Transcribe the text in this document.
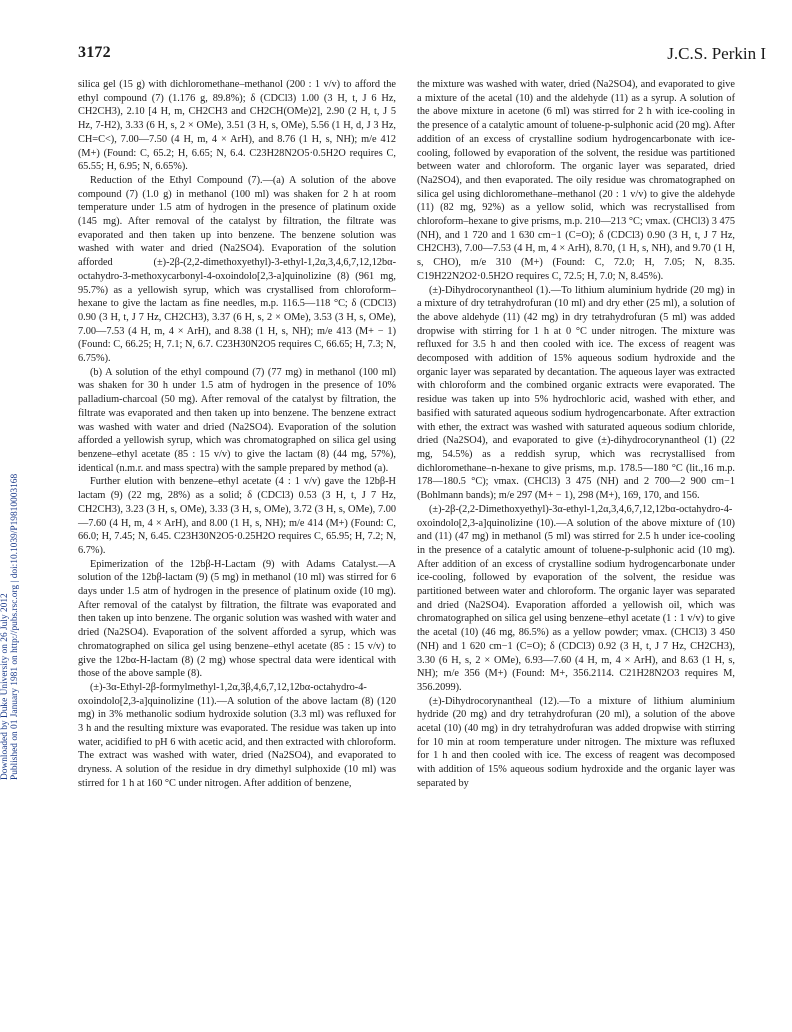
3172	J.C.S. Perkin I
Downloaded by Duke University on 26 July 2012 Published on 01 January 1981 on http://pubs.rsc.org | doi:10.1039/P19810003168

silica gel (15 g) with dichloromethane–methanol (200 : 1 v/v) to afford the ethyl compound (7) (1.176 g, 89.8%); δ (CDCl3) 1.00 (3 H, t, J 6 Hz, CH2CH3), 2.10 [4 H, m, CH2CH3 and CH2CH(OMe)2], 2.90 (2 H, t, J 5 Hz, 7-H2), 3.33 (6 H, s, 2 × OMe), 3.51 (3 H, s, OMe), 5.56 (1 H, d, J 3 Hz, CH=C<), 7.00—7.50 (4 H, m, 4 × ArH), and 8.76 (1 H, s, NH); m/e 412 (M+) (Found: C, 65.2; H, 6.65; N, 6.4. C23H28N2O5·0.5H2O requires C, 65.55; H, 6.95; N, 6.65%).

Reduction of the Ethyl Compound (7).—(a) A solution of the above compound (7) (1.0 g) in methanol (100 ml) was shaken for 2 h at room temperature under 1.5 atm of hydrogen in the presence of platinum oxide (145 mg). After removal of the catalyst by filtration, the filtrate was evaporated and then taken up into benzene. The benzene solution was washed with water and dried (Na2SO4). Evaporation of the solution afforded (±)-2β-(2,2-dimethoxyethyl)-3-ethyl-1,2α,3,4,6,7,12,12bα-octahydro-3-methoxycarbonyl-4-oxoindolo[2,3-a]quinolizine (8) (961 mg, 95.7%) as a yellowish syrup, which was crystallised from chloroform–hexane to give the lactam as fine needles, m.p. 116.5—118 °C; δ (CDCl3) 0.90 (3 H, t, J 7 Hz, CH2CH3), 3.37 (6 H, s, 2 × OMe), 3.53 (3 H, s, OMe), 7.00—7.53 (4 H, m, 4 × ArH), and 8.38 (1 H, s, NH); m/e 413 (M+ − 1) (Found: C, 66.25; H, 7.1; N, 6.7. C23H30N2O5 requires C, 66.65; H, 7.3; N, 6.75%).

(b) A solution of the ethyl compound (7) (77 mg) in methanol (100 ml) was shaken for 30 h under 1.5 atm of hydrogen in the presence of 10% palladium-charcoal (50 mg). After removal of the catalyst by filtration, the filtrate was evaporated and then taken up into benzene. The benzene extract was washed with water and dried (Na2SO4). Evaporation of the solution afforded a yellowish syrup, which was chromatographed on silica gel using benzene–ethyl acetate (85 : 15 v/v) to give the lactam (8) (44 mg, 57%), identical (n.m.r. and mass spectra) with the sample prepared by method (a).

Further elution with benzene–ethyl acetate (4 : 1 v/v) gave the 12bβ-H lactam (9) (22 mg, 28%) as a solid; δ (CDCl3) 0.53 (3 H, t, J 7 Hz, CH2CH3), 3.23 (3 H, s, OMe), 3.33 (3 H, s, OMe), 3.72 (3 H, s, OMe), 7.00—7.60 (4 H, m, 4 × ArH), and 8.00 (1 H, s, NH); m/e 414 (M+) (Found: C, 66.0; H, 7.45; N, 6.45. C23H30N2O5·0.25H2O requires C, 65.95; H, 7.2; N, 6.7%).

Epimerization of the 12bβ-H-Lactam (9) with Adams Catalyst.—A solution of the 12bβ-lactam (9) (5 mg) in methanol (10 ml) was stirred for 6 days under 1.5 atm of hydrogen in the presence of platinum oxide (10 mg). After removal of the catalyst by filtration, the filtrate was evaporated and then taken up into benzene. The organic solution was washed with water and dried (Na2SO4). Evaporation of the solvent afforded a syrup, which was chromatographed on silica gel using benzene–ethyl acetate (85 : 15 v/v) to give the 12bα-H-lactam (8) (2 mg) whose spectral data were identical with those of the above sample (8).

(±)-3α-Ethyl-2β-formylmethyl-1,2α,3β,4,6,7,12,12bα-octahydro-4-oxoindolo[2,3-a]quinolizine (11).—A solution of the above lactam (8) (120 mg) in 3% methanolic sodium hydroxide solution (3.3 ml) was refluxed for 3 h and the resulting mixture was evaporated. The residue was taken up into water, acidified to pH 6 with acetic acid, and then extracted with chloroform. The extract was washed with water, dried (Na2SO4), and evaporated to dryness. A solution of the residue in dry dimethyl sulphoxide (10 ml) was stirred for 1 h at 160 °C under nitrogen. After addition of benzene,

the mixture was washed with water, dried (Na2SO4), and evaporated to give a mixture of the acetal (10) and the aldehyde (11) as a syrup. A solution of the above mixture in acetone (6 ml) was stirred for 2 h with ice-cooling in the presence of a catalytic amount of toluene-p-sulphonic acid (20 mg). After addition of an excess of crystalline sodium hydrogencarbonate with ice-cooling, followed by evaporation of the solvent, the residue was partitioned between water and chloroform. The organic layer was separated, dried (Na2SO4), and then evaporated. The oily residue was chromatographed on silica gel using dichloromethane–methanol (20 : 1 v/v) to give the aldehyde (11) (82 mg, 92%) as a yellow solid, which was recrystallised from chloroform–hexane to give prisms, m.p. 210—213 °C; νmax. (CHCl3) 3 475 (NH), and 1 720 and 1 630 cm−1 (C=O); δ (CDCl3) 0.90 (3 H, t, J 7 Hz, CH2CH3), 7.00—7.53 (4 H, m, 4 × ArH), 8.70, (1 H, s, NH), and 9.70 (1 H, s, CHO), m/e 310 (M+) (Found: C, 72.0; H, 7.05; N, 8.35. C19H22N2O2·0.5H2O requires C, 72.5; H, 7.0; N, 8.45%).

(±)-Dihydrocorynantheol (1).—To lithium aluminium hydride (20 mg) in a mixture of dry tetrahydrofuran (10 ml) and dry ether (25 ml), a solution of the above aldehyde (11) (42 mg) in dry tetrahydrofuran (5 ml) was added dropwise with stirring for 1 h at 0 °C under nitrogen. The mixture was refluxed for 3.5 h and then cooled with ice. The excess of reagent was decomposed with addition of 15% aqueous sodium hydroxide and the organic layer was separated by decantation. The aqueous layer was extracted with chloroform and the combined organic extracts were evaporated. The residue was taken up into 5% hydrochloric acid, washed with ether, and basified with saturated aqueous sodium hydrogencarbonate. After extraction with ether, the extract was washed with saturated aqueous sodium chloride, dried (Na2SO4), and evaporated to give (±)-dihydrocorynantheol (1) (22 mg, 54.5%) as a reddish syrup, which was recrystallised from dichloromethane–n-hexane to give prisms, m.p. 178.5—180 °C (lit.,16 m.p. 178—180.5 °C); νmax. (CHCl3) 3 475 (NH) and 2 700—2 900 cm−1 (Bohlmann bands); m/e 297 (M+ − 1), 298 (M+), 169, 170, and 156.

(±)-2β-(2,2-Dimethoxyethyl)-3α-ethyl-1,2α,3,4,6,7,12,12bα-octahydro-4-oxoindolo[2,3-a]quinolizine (10).—A solution of the above mixture of (10) and (11) (47 mg) in methanol (5 ml) was stirred for 2.5 h under ice-cooling in the presence of a catalytic amount of toluene-p-sulphonic acid (10 mg). After addition of an excess of crystalline sodium hydrogencarbonate under ice-cooling, followed by evaporation of the solvent, the residue was partitioned between water and chloroform. The organic layer was separated and dried (Na2SO4). Evaporation afforded a yellowish oil, which was chromatographed on silica gel using benzene–ethyl acetate (1 : 1 v/v) to give the acetal (10) (46 mg, 86.5%) as a yellow powder; νmax. (CHCl3) 3 450 (NH) and 1 620 cm−1 (C=O); δ (CDCl3) 0.92 (3 H, t, J 7 Hz, CH2CH3), 3.30 (6 H, s, 2 × OMe), 6.93—7.60 (4 H, m, 4 × ArH), and 8.63 (1 H, s, NH); m/e 356 (M+) (Found: M+, 356.2114. C21H28N2O3 requires M, 356.2099).

(±)-Dihydrocorynantheal (12).—To a mixture of lithium aluminium hydride (20 mg) and dry tetrahydrofuran (20 ml), a solution of the above acetal (10) (40 mg) in dry tetrahydrofuran was added dropwise with stirring for 10 min at room temperature under nitrogen. The mixture was refluxed for 1 h and then cooled with ice. The excess of reagent was decomposed with addition of 15% aqueous sodium hydroxide and the organic layer was separated by
